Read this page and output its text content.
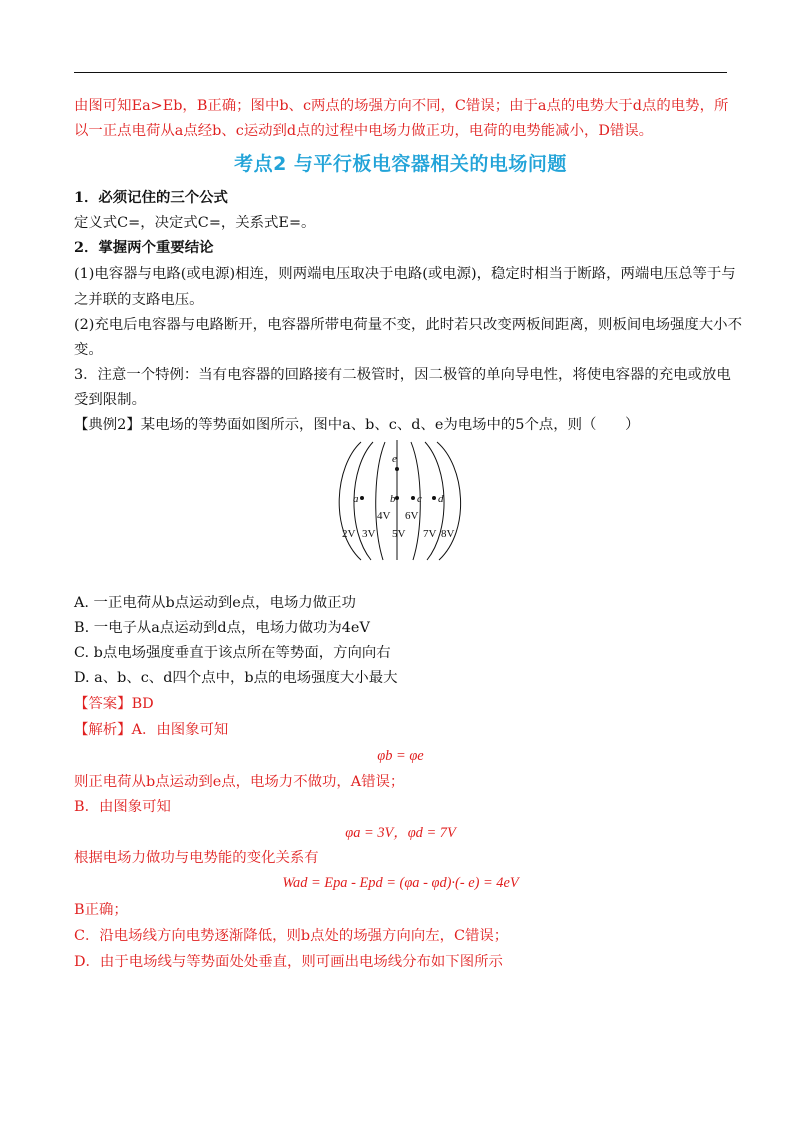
由图可知Ea>Eb，B正确；图中b、c两点的场强方向不同，C错误；由于a点的电势大于d点的电势，所
以一正点电荷从a点经b、c运动到d点的过程中电场力做正功，电荷的电势能减小，D错误。
考点2 与平行板电容器相关的电场问题
1．必须记住的三个公式
定义式C=，决定式C=，关系式E=。
2．掌握两个重要结论
(1)电容器与电路(或电源)相连，则两端电压取决于电路(或电源)，稳定时相当于断路，两端电压总等于与
之并联的支路电压。
(2)充电后电容器与电路断开，电容器所带电荷量不变，此时若只改变两板间距离，则板间电场强度大小不
变。
3．注意一个特例：当有电容器的回路接有二极管时，因二极管的单向导电性，将使电容器的充电或放电
受到限制。
【典例2】某电场的等势面如图所示，图中a、b、c、d、e为电场中的5个点，则（　　）
e
a	b c d
4V 6V
2V 3V 5V 7V 8V
A. 一正电荷从b点运动到e点，电场力做正功
B. 一电子从a点运动到d点，电场力做功为4eV
C. b点电场强度垂直于该点所在等势面，方向向右
D. a、b、c、d四个点中，b点的电场强度大小最大
【答案】BD
【解析】A．由图象可知
φb = φe
则正电荷从b点运动到e点，电场力不做功，A错误；
B．由图象可知
φa = 3V，φd = 7V
根据电场力做功与电势能的变化关系有
Wad = Epa - Epd = (φa - φd)·(- e) = 4eV
B正确；
C．沿电场线方向电势逐渐降低，则b点处的场强方向向左，C错误；
D．由于电场线与等势面处处垂直，则可画出电场线分布如下图所示
